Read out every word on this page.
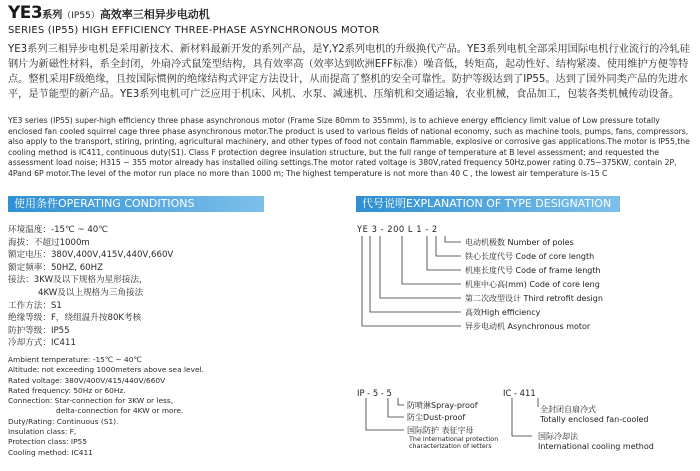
YE3系列（IP55）高效率三相异步电动机
SERIES (IP55) HIGH EFFICIENCY THREE-PHASE ASYNCHRONOUS MOTOR
YE3系列三相异步电机是采用新技术、新材料最新开发的系列产品，是Y,Y2系列电机的升级换代产品。YE3系列电机全部采用国际电机行业流行的冷轧硅钢片为新磁性材料，系全封闭，外扇冷式鼠笼型结构，具有效率高（效率达到欧洲EFF标准）噪音低，转矩高，起动性好、结构紧凑、使用维护方便等特点。整机采用F级绝缘，且按国际惯例的绝缘结构式评定方法设计，从而提高了整机的安全可靠性。防护等级达到了IP55。达到了国外同类产品的先进水平，是节能型的新产品。YE3系列电机可广泛应用于机床、风机、水泵、减速机、压缩机和交通运输，农业机械，食品加工，包装各类机械传动设备。
YE3 series (IP55) super-high efficiency three phase asynchronous motor (Frame Size 80mm to 355mm), is to achieve energy efficiency limit value of Low pressure totally enclosed fan cooled squirrel cage three phase asynchronous motor.The product is used to various fields of national economy, such as machine tools, pumps, fans, compressors, also apply to the transport, stiring, printing, agricultural machinery, and other types of food not contain flammable, explosive or corrosive gas applications.The motor is IP55,the cooling method is IC411, continuous duty(S1). Class F protection degree insulation structure, but the full range of temperature at B level assessment; and requested the assessment load noise; H315 ~ 355 motor already has installed oiling settings.The motor rated voltage is 380V,rated frequency 50Hz,power rating 0.75~375KW, contain 2P, 4Pand 6P motor.The level of the motor run place no more than 1000 m; The highest temperature is not more than 40 C , the lowest air temperature is-15 C
使用条件OPERATING CONDITIONS	代号说明EXPLANATION OF TYPE DESIGNATION
环境温度：-15℃ ~ 40℃
海拔：不超过1000m
额定电压：380V,400V,415V,440V,660V
额定频率：50HZ, 60HZ
接法：3KW及以下规格为星形接法，
4KW及以上规格为三角接法
工作方法：S1
绝缘等级：F，绕组温升按80K考核
防护等级：IP55
冷却方式：IC411
Ambient temperature: -15℃ ~ 40℃
Altitude: not exceeding 1000meters above sea level.
Rated voltage: 380V/400V/415/440V/660V
Rated frequency: 50Hz or 60Hz.
Connection: Star-connection for 3KW or less,
delta-connection for 4KW or more.
Duty/Rating: Continuous (S1).
Insulation class: F,
Protection class: IP55
Cooling method: IC411
YE 3 - 200 L 1 - 2
电动机极数 Number of poles
铁心长度代号 Code of core length
机座长度代号 Code of frame length
机座中心高(mm) Code of core leng
第二次改型设计 Third retrofit design
高效High efficiency
异步电动机 Asynchronous motor
IP - 5 - 5
防喷淋Spray-proof
防尘Dust-proof
国际防护 表征字母
The international protection
characterization of letters
IC - 411
全封闭自扇冷式
Totally enclosed fan-cooled
国际冷却法
International cooling method
